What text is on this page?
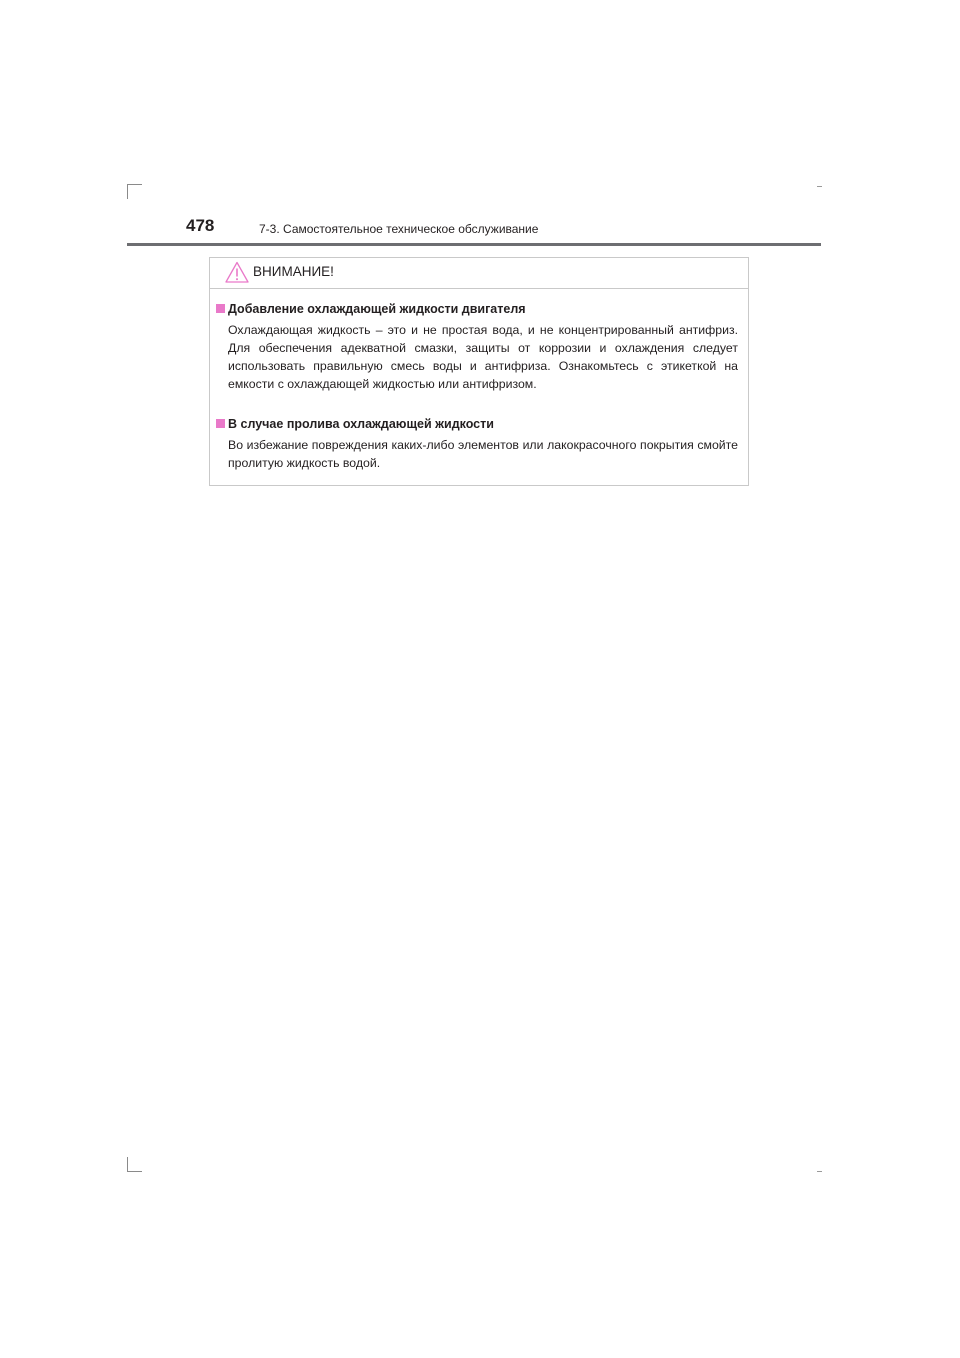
478	7-3. Самостоятельное техническое обслуживание
ВНИМАНИЕ!
Добавление охлаждающей жидкости двигателя
Охлаждающая жидкость – это и не простая вода, и не концентрированный антифриз. Для обеспечения адекватной смазки, защиты от коррозии и охлаждения следует использовать правильную смесь воды и антифриза. Ознакомьтесь с этикеткой на емкости с охлаждающей жидкостью или антифризом.
В случае пролива охлаждающей жидкости
Во избежание повреждения каких-либо элементов или лакокрасочного покрытия смойте пролитую жидкость водой.
